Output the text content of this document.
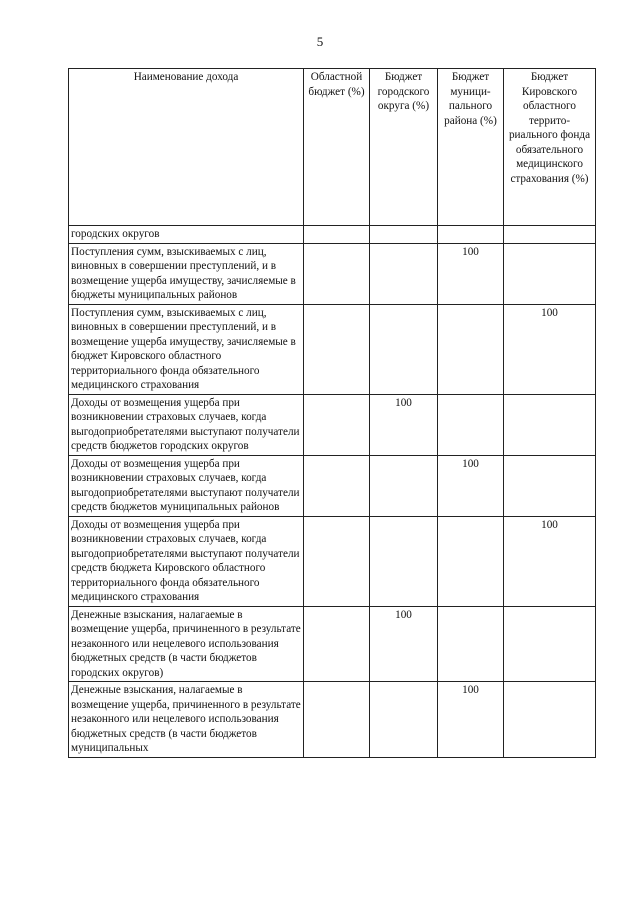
5
Наименование дохода	Областной бюджет (%)	Бюджет городского округа (%)	Бюджет муници-пального района (%)	Бюджет Кировского областного террито-риального фонда обязательного медицинского страхования (%)
городских округов				
Поступления сумм, взыскиваемых с лиц, виновных в совершении преступлений, и в возмещение ущерба имуществу, зачисляемые в бюджеты муниципальных районов			100	
Поступления сумм, взыскиваемых с лиц, виновных в совершении преступлений, и в возмещение ущерба имуществу, зачисляемые в бюджет Кировского областного территориального фонда обязательного медицинского страхования				100
Доходы от возмещения ущерба при возникновении страховых случаев, когда выгодоприобретателями выступают получатели средств бюджетов городских округов		100		
Доходы от возмещения ущерба при возникновении страховых случаев, когда выгодоприобретателями выступают получатели средств бюджетов муниципальных районов			100	
Доходы от возмещения ущерба при возникновении страховых случаев, когда выгодоприобретателями выступают получатели средств бюджета Кировского областного территориального фонда обязательного медицинского страхования				100
Денежные взыскания, налагаемые в возмещение ущерба, причиненного в результате незаконного или нецелевого использования бюджетных средств (в части бюджетов городских округов)		100		
Денежные взыскания, налагаемые в возмещение ущерба, причиненного в результате незаконного или нецелевого использования бюджетных средств (в части бюджетов муниципальных			100	
